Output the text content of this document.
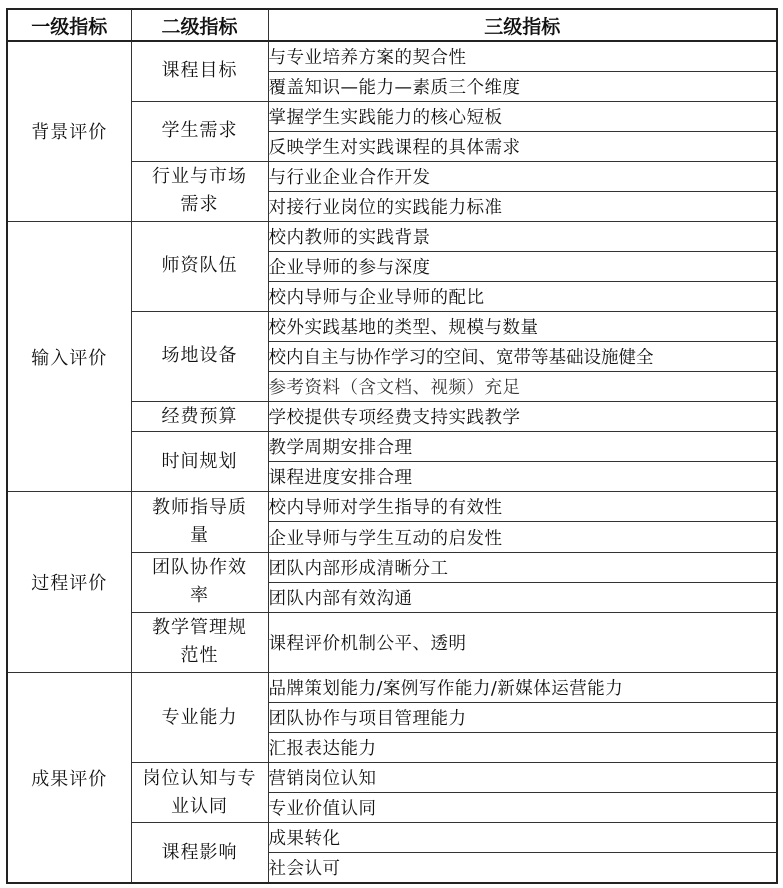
一级指标	二级指标	三级指标
背景评价	课程目标	与专业培养方案的契合性
		覆盖知识—能力—素质三个维度
	学生需求	掌握学生实践能力的核心短板
		反映学生对实践课程的具体需求
	行业与市场需求	与行业企业合作开发
		对接行业岗位的实践能力标准
输入评价	师资队伍	校内教师的实践背景
		企业导师的参与深度
		校内导师与企业导师的配比
	场地设备	校外实践基地的类型、规模与数量
		校内自主与协作学习的空间、宽带等基础设施健全
		参考资料（含文档、视频）充足
	经费预算	学校提供专项经费支持实践教学
	时间规划	教学周期安排合理
		课程进度安排合理
过程评价	教师指导质量	校内导师对学生指导的有效性
		企业导师与学生互动的启发性
	团队协作效率	团队内部形成清晰分工
		团队内部有效沟通
	教学管理规范性	课程评价机制公平、透明
成果评价	专业能力	品牌策划能力/案例写作能力/新媒体运营能力
		团队协作与项目管理能力
		汇报表达能力
	岗位认知与专业认同	营销岗位认知
		专业价值认同
	课程影响	成果转化
		社会认可
